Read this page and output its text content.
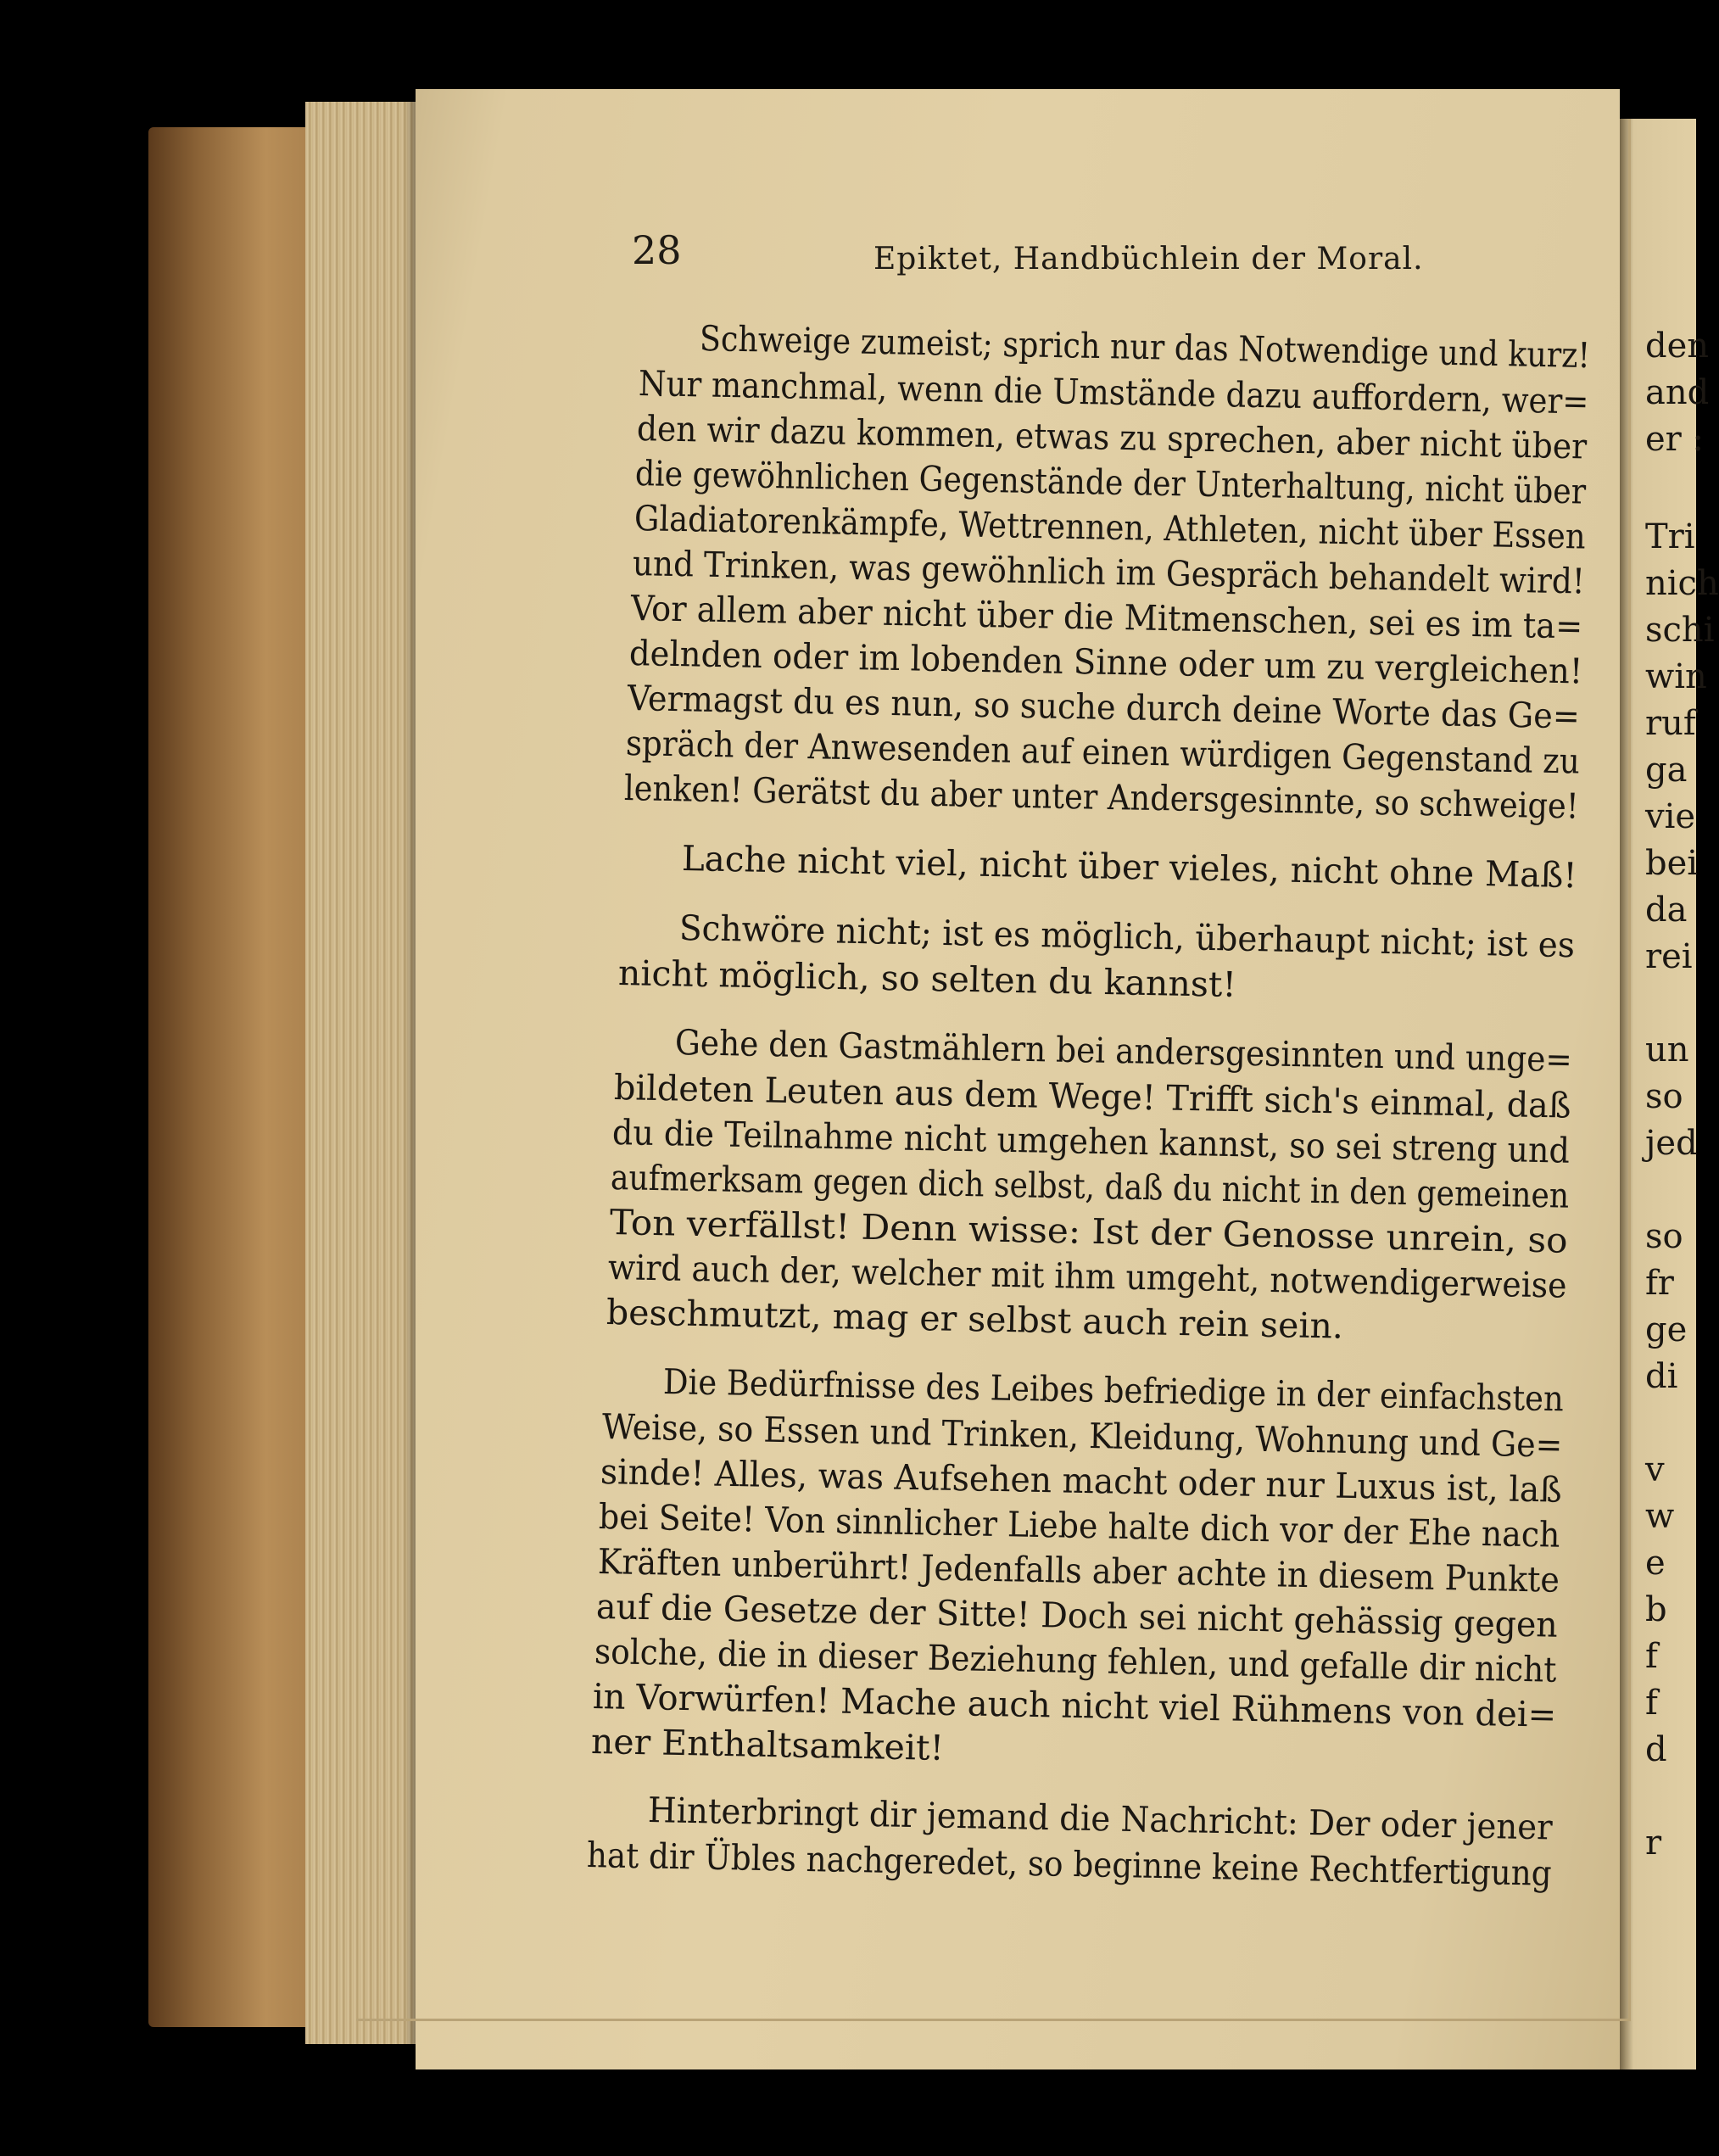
den
and
er :
Tri
nich
schi
win
ruf
ga
vie
bei
da
rei
un
so
jed
so
fr
ge
di
v
w
e
b
f
f
d
r
28	Epiktet, Handbüchlein der Moral.
Schweige zumeist; sprich nur das Notwendige und kurz!
Nur manchmal, wenn die Umstände dazu auffordern, wer=
den wir dazu kommen, etwas zu sprechen, aber nicht über
die gewöhnlichen Gegenstände der Unterhaltung, nicht über
Gladiatorenkämpfe, Wettrennen, Athleten, nicht über Essen
und Trinken, was gewöhnlich im Gespräch behandelt wird!
Vor allem aber nicht über die Mitmenschen, sei es im ta=
delnden oder im lobenden Sinne oder um zu vergleichen!
Vermagst du es nun, so suche durch deine Worte das Ge=
spräch der Anwesenden auf einen würdigen Gegenstand zu
lenken! Gerätst du aber unter Andersgesinnte, so schweige!
Lache nicht viel, nicht über vieles, nicht ohne Maß!
Schwöre nicht; ist es möglich, überhaupt nicht; ist es
nicht möglich, so selten du kannst!
Gehe den Gastmählern bei andersgesinnten und unge=
bildeten Leuten aus dem Wege! Trifft sich's einmal, daß
du die Teilnahme nicht umgehen kannst, so sei streng und
aufmerksam gegen dich selbst, daß du nicht in den gemeinen
Ton verfällst! Denn wisse: Ist der Genosse unrein, so
wird auch der, welcher mit ihm umgeht, notwendigerweise
beschmutzt, mag er selbst auch rein sein.
Die Bedürfnisse des Leibes befriedige in der einfachsten
Weise, so Essen und Trinken, Kleidung, Wohnung und Ge=
sinde! Alles, was Aufsehen macht oder nur Luxus ist, laß
bei Seite! Von sinnlicher Liebe halte dich vor der Ehe nach
Kräften unberührt! Jedenfalls aber achte in diesem Punkte
auf die Gesetze der Sitte! Doch sei nicht gehässig gegen
solche, die in dieser Beziehung fehlen, und gefalle dir nicht
in Vorwürfen! Mache auch nicht viel Rühmens von dei=
ner Enthaltsamkeit!
Hinterbringt dir jemand die Nachricht: Der oder jener
hat dir Übles nachgeredet, so beginne keine Rechtfertigung
